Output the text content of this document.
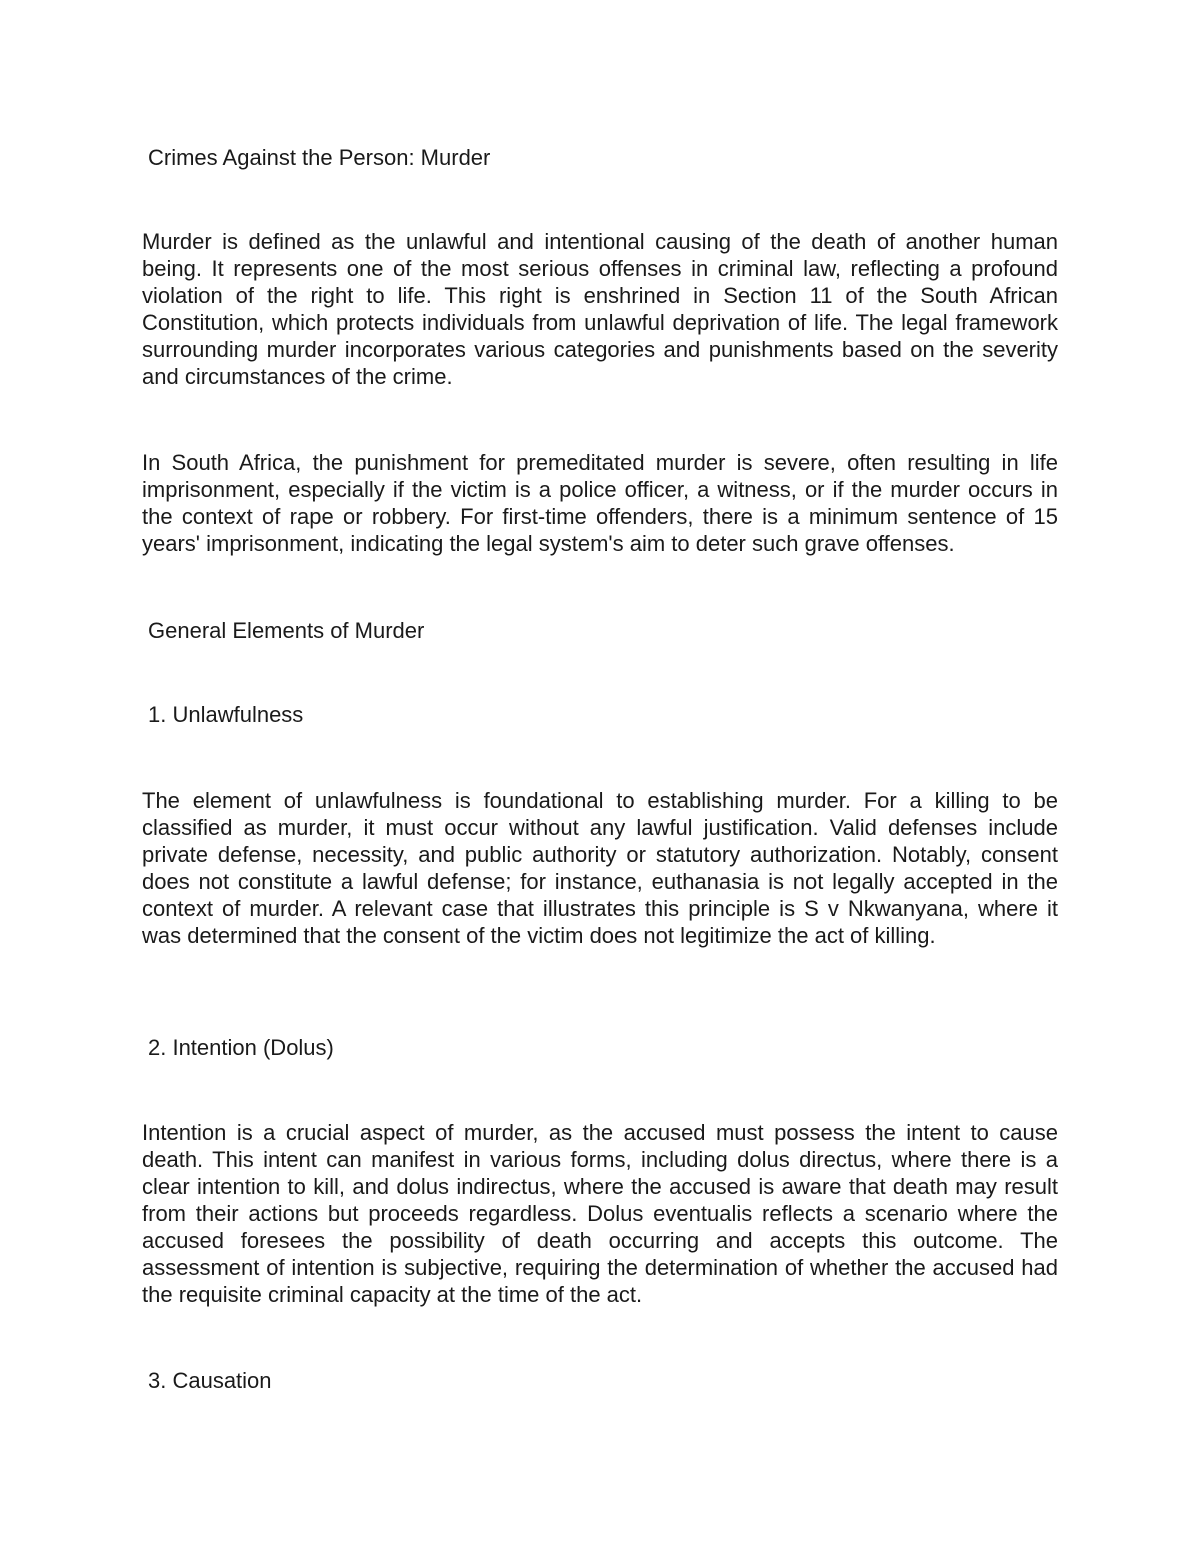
Crimes Against the Person: Murder

Murder is defined as the unlawful and intentional causing of the death of another human being. It represents one of the most serious offenses in criminal law, reflecting a profound violation of the right to life. This right is enshrined in Section 11 of the South African Constitution, which protects individuals from unlawful deprivation of life. The legal framework surrounding murder incorporates various categories and punishments based on the severity and circumstances of the crime.

In South Africa, the punishment for premeditated murder is severe, often resulting in life imprisonment, especially if the victim is a police officer, a witness, or if the murder occurs in the context of rape or robbery. For first-time offenders, there is a minimum sentence of 15 years' imprisonment, indicating the legal system's aim to deter such grave offenses.

General Elements of Murder
1. Unlawfulness

The element of unlawfulness is foundational to establishing murder. For a killing to be classified as murder, it must occur without any lawful justification. Valid defenses include private defense, necessity, and public authority or statutory authorization. Notably, consent does not constitute a lawful defense; for instance, euthanasia is not legally accepted in the context of murder. A relevant case that illustrates this principle is S v Nkwanyana, where it was determined that the consent of the victim does not legitimize the act of killing.

2. Intention (Dolus)

Intention is a crucial aspect of murder, as the accused must possess the intent to cause death. This intent can manifest in various forms, including dolus directus, where there is a clear intention to kill, and dolus indirectus, where the accused is aware that death may result from their actions but proceeds regardless. Dolus eventualis reflects a scenario where the accused foresees the possibility of death occurring and accepts this outcome. The assessment of intention is subjective, requiring the determination of whether the accused had the requisite criminal capacity at the time of the act.

3. Causation
